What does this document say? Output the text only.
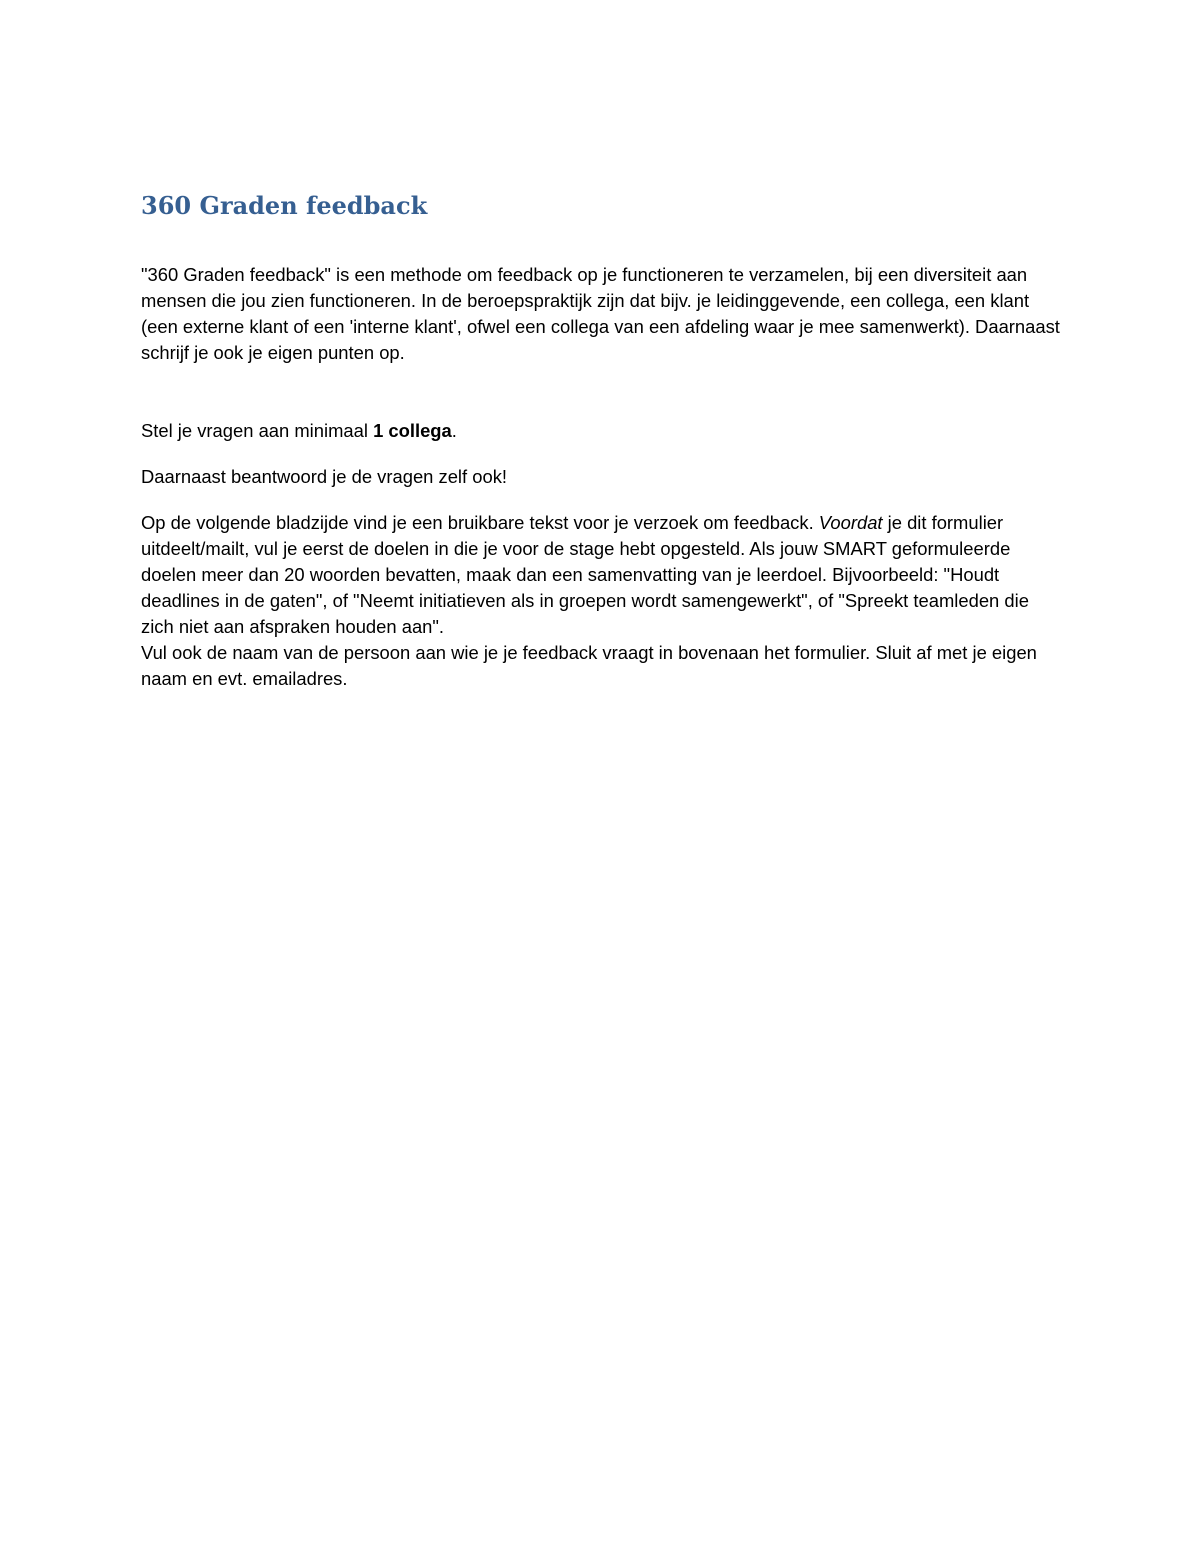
360 Graden feedback

"360 Graden feedback" is een methode om feedback op je functioneren te verzamelen, bij een diversiteit aan mensen die jou zien functioneren. In de beroepspraktijk zijn dat bijv. je leidinggevende, een collega, een klant (een externe klant of een 'interne klant', ofwel een collega van een afdeling waar je mee samenwerkt). Daarnaast schrijf je ook je eigen punten op.

Stel je vragen aan minimaal 1 collega.

Daarnaast beantwoord je de vragen zelf ook!

Op de volgende bladzijde vind je een bruikbare tekst voor je verzoek om feedback. Voordat je dit formulier uitdeelt/mailt, vul je eerst de doelen in die je voor de stage hebt opgesteld. Als jouw SMART geformuleerde doelen meer dan 20 woorden bevatten, maak dan een samenvatting van je leerdoel. Bijvoorbeeld: "Houdt deadlines in de gaten", of "Neemt initiatieven als in groepen wordt samengewerkt", of "Spreekt teamleden die zich niet aan afspraken houden aan".
Vul ook de naam van de persoon aan wie je je feedback vraagt in bovenaan het formulier. Sluit af met je eigen naam en evt. emailadres.
